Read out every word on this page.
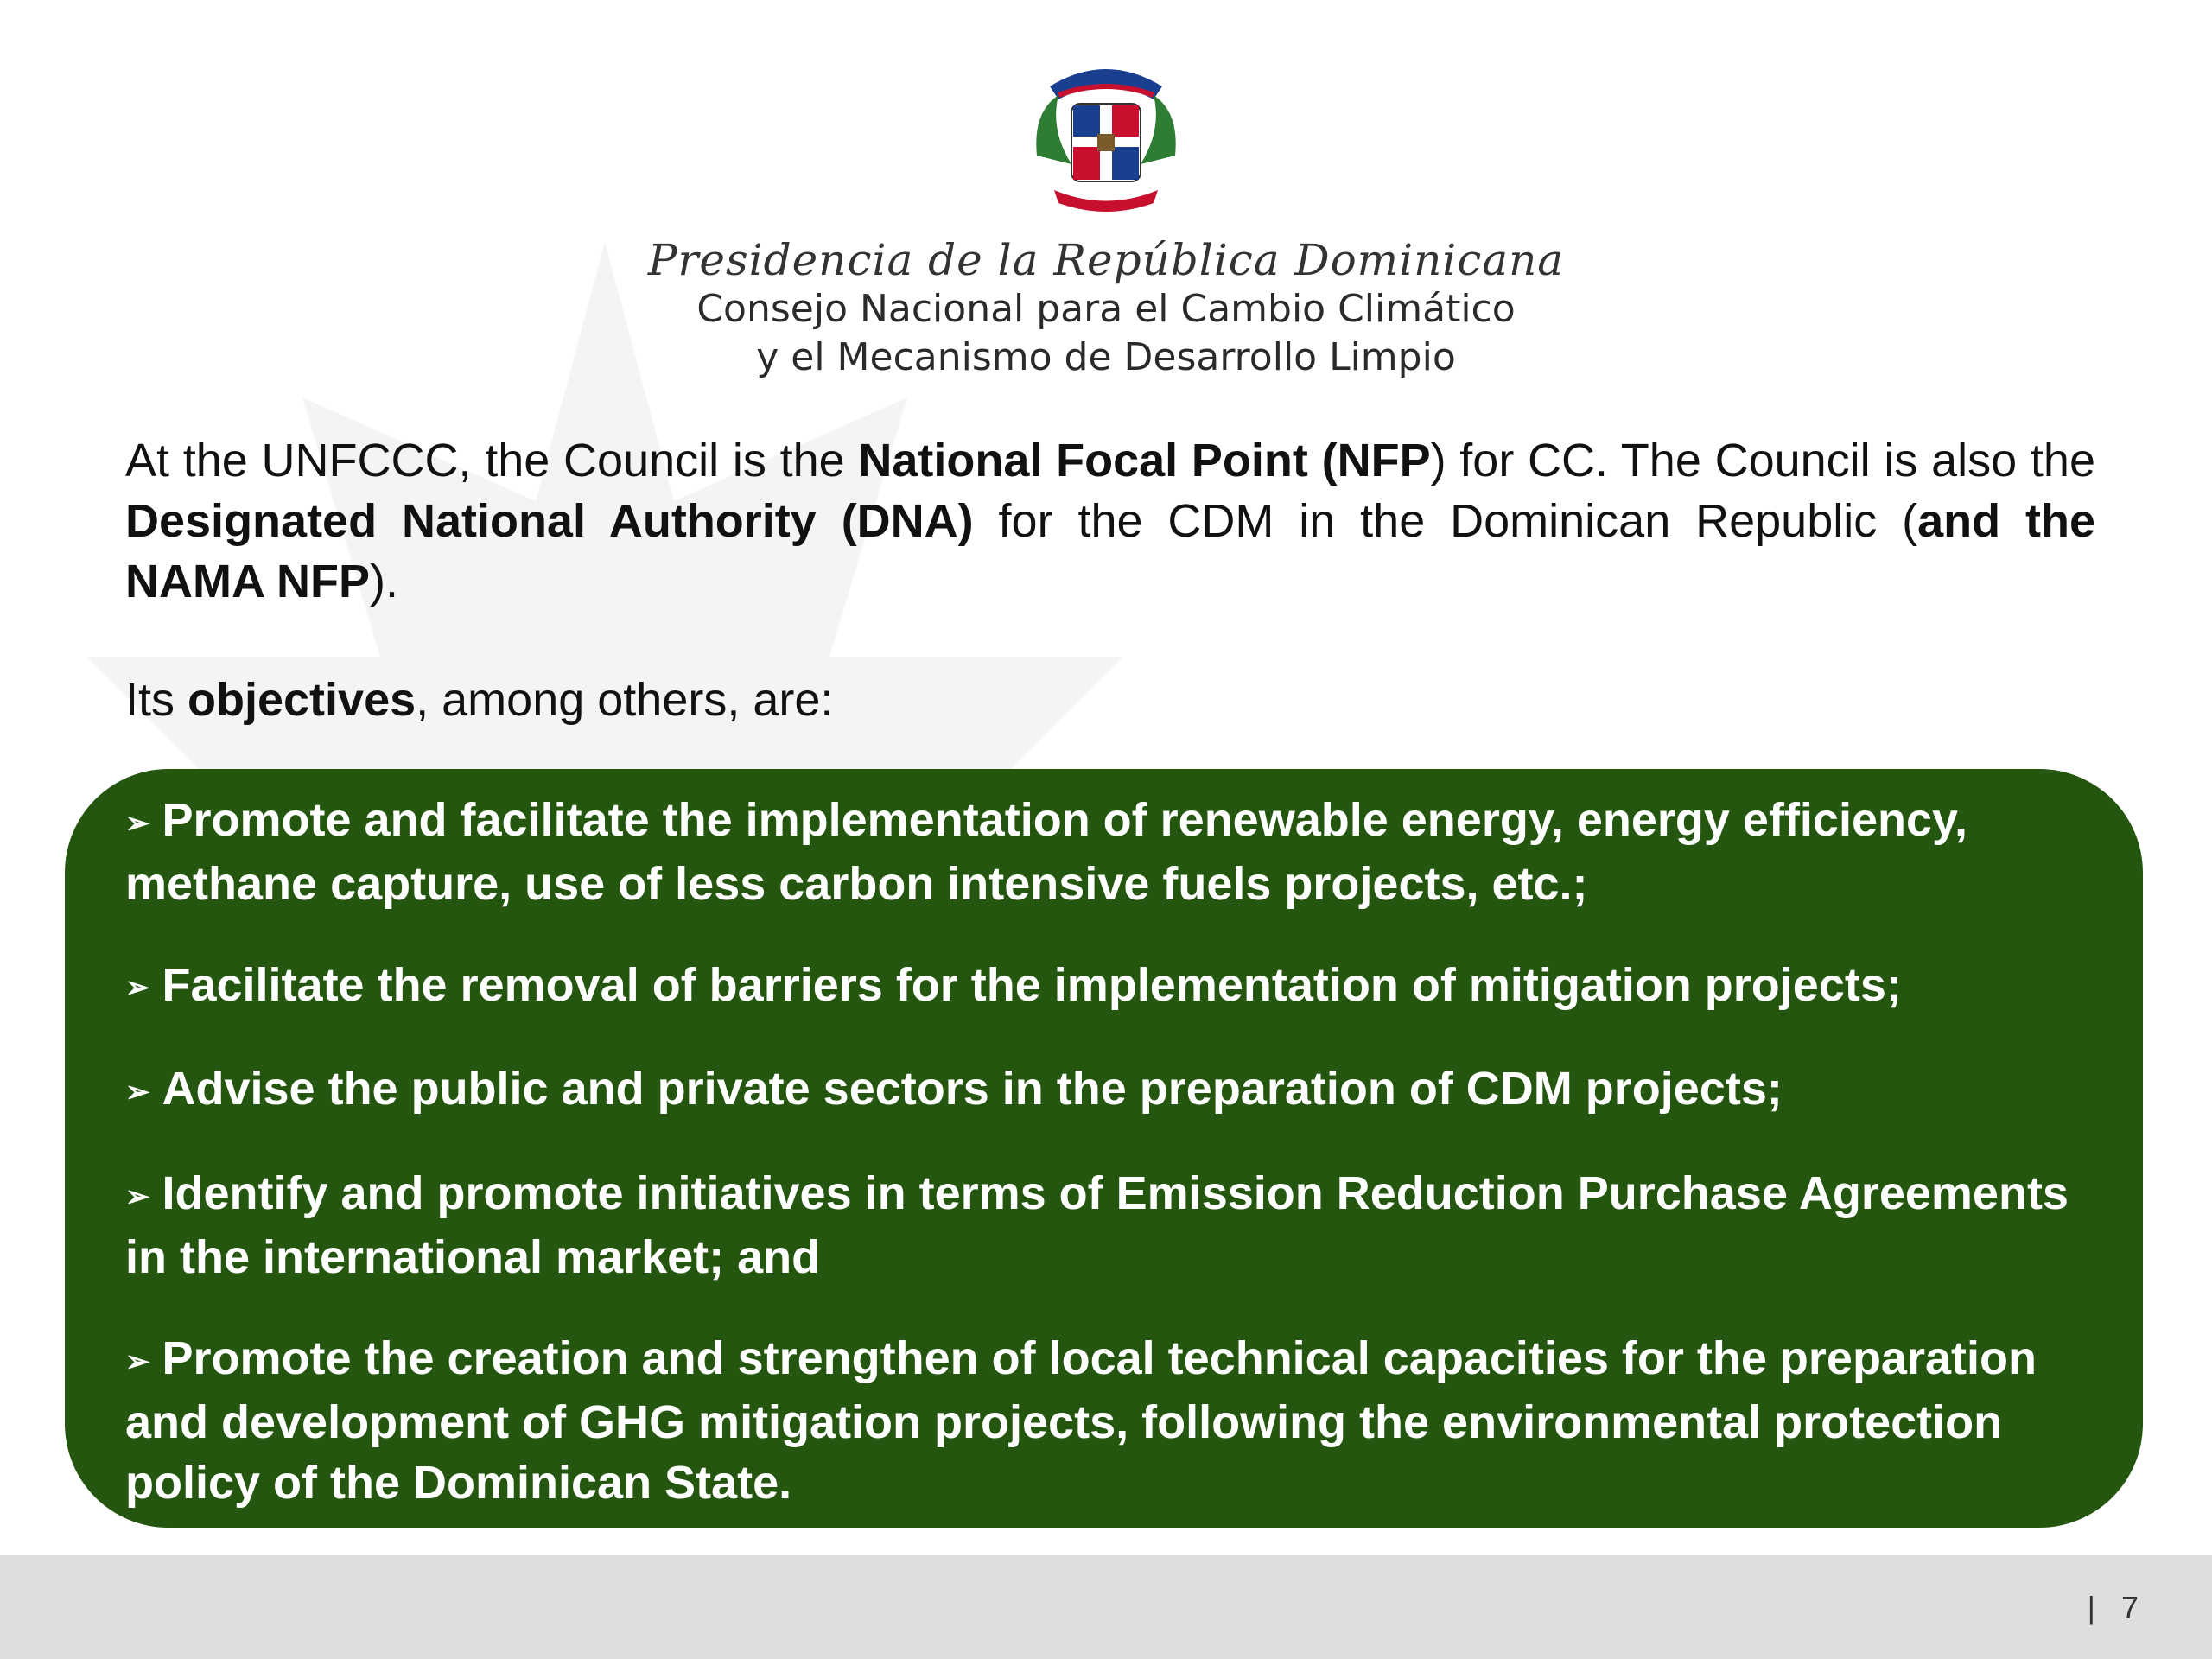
Presidencia de la República Dominicana
Consejo Nacional para el Cambio Climático
y el Mecanismo de Desarrollo Limpio
At the UNFCCC, the Council is the National Focal Point (NFP) for CC. The Council is also the Designated National Authority (DNA) for the CDM in the Dominican Republic (and the NAMA NFP).
Its objectives, among others, are:
➢ Promote and facilitate the implementation of renewable energy, energy efficiency, methane capture, use of less carbon intensive fuels projects, etc.;
➢ Facilitate the removal of barriers for the implementation of mitigation projects;
➢ Advise the public and private sectors in the preparation of CDM projects;
➢ Identify and promote initiatives in terms of Emission Reduction Purchase Agreements in the international market; and
➢ Promote the creation and strengthen of local technical capacities for the preparation and development of GHG mitigation projects, following the environmental protection policy of the Dominican State.
| 7
